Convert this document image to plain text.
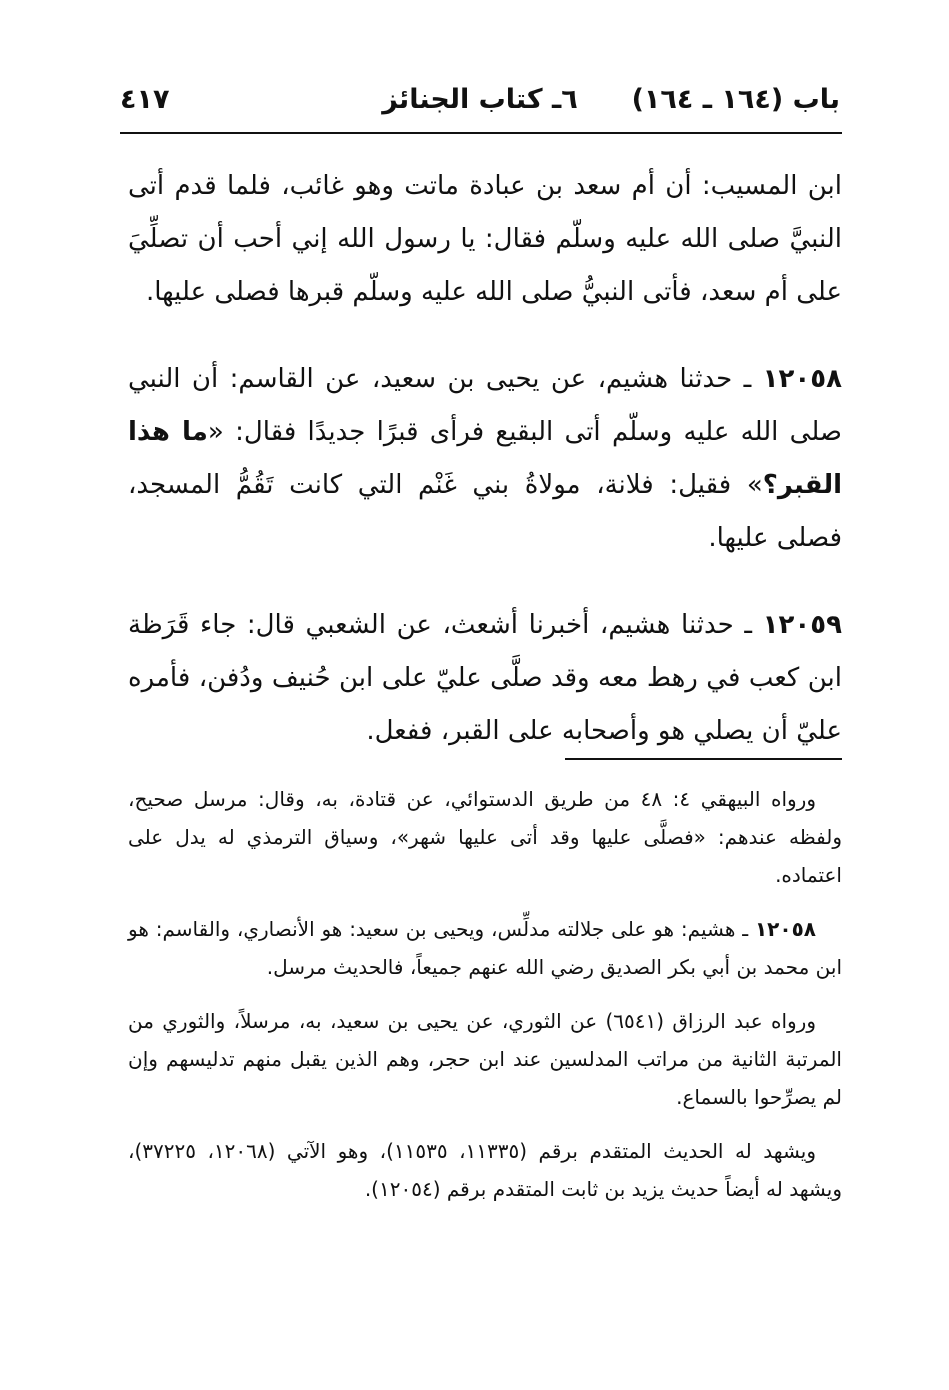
باب (١٦٤ ـ ١٦٤)
٦ـ كتاب الجنائز
٤١٧

ابن المسيب: أن أم سعد بن عبادة ماتت وهو غائب، فلما قدم أتى النبيَّ صلى الله عليه وسلّم فقال: يا رسول الله إني أحب أن تصلِّيَ على أم سعد، فأتى النبيُّ صلى الله عليه وسلّم قبرها فصلى عليها.

١٢٠٥٨ ـ حدثنا هشيم، عن يحيى بن سعيد، عن القاسم: أن النبي صلى الله عليه وسلّم أتى البقيع فرأى قبرًا جديدًا فقال: «ما هذا القبر؟» فقيل: فلانة، مولاةُ بني غَنْم التي كانت تَقُمُّ المسجد، فصلى عليها.

١٢٠٥٩ ـ حدثنا هشيم، أخبرنا أشعث، عن الشعبي قال: جاء قَرَظة ابن كعب في رهط معه وقد صلَّى عليّ على ابن حُنيف ودُفن، فأمره عليّ أن يصلي هو وأصحابه على القبر، ففعل.

ورواه البيهقي ٤: ٤٨ من طريق الدستوائي، عن قتادة، به، وقال: مرسل صحيح، ولفظه عندهم: «فصلَّى عليها وقد أتى عليها شهر»، وسياق الترمذي له يدل على اعتماده.

١٢٠٥٨ ـ هشيم: هو على جلالته مدلِّس، ويحيى بن سعيد: هو الأنصاري، والقاسم: هو ابن محمد بن أبي بكر الصديق رضي الله عنهم جميعاً، فالحديث مرسل.

ورواه عبد الرزاق (٦٥٤١) عن الثوري، عن يحيى بن سعيد، به، مرسلاً، والثوري من المرتبة الثانية من مراتب المدلسين عند ابن حجر، وهم الذين يقبل منهم تدليسهم وإن لم يصرِّحوا بالسماع.

ويشهد له الحديث المتقدم برقم (١١٣٣٥، ١١٥٣٥)، وهو الآتي (١٢٠٦٨، ٣٧٢٢٥)، ويشهد له أيضاً حديث يزيد بن ثابت المتقدم برقم (١٢٠٥٤).
